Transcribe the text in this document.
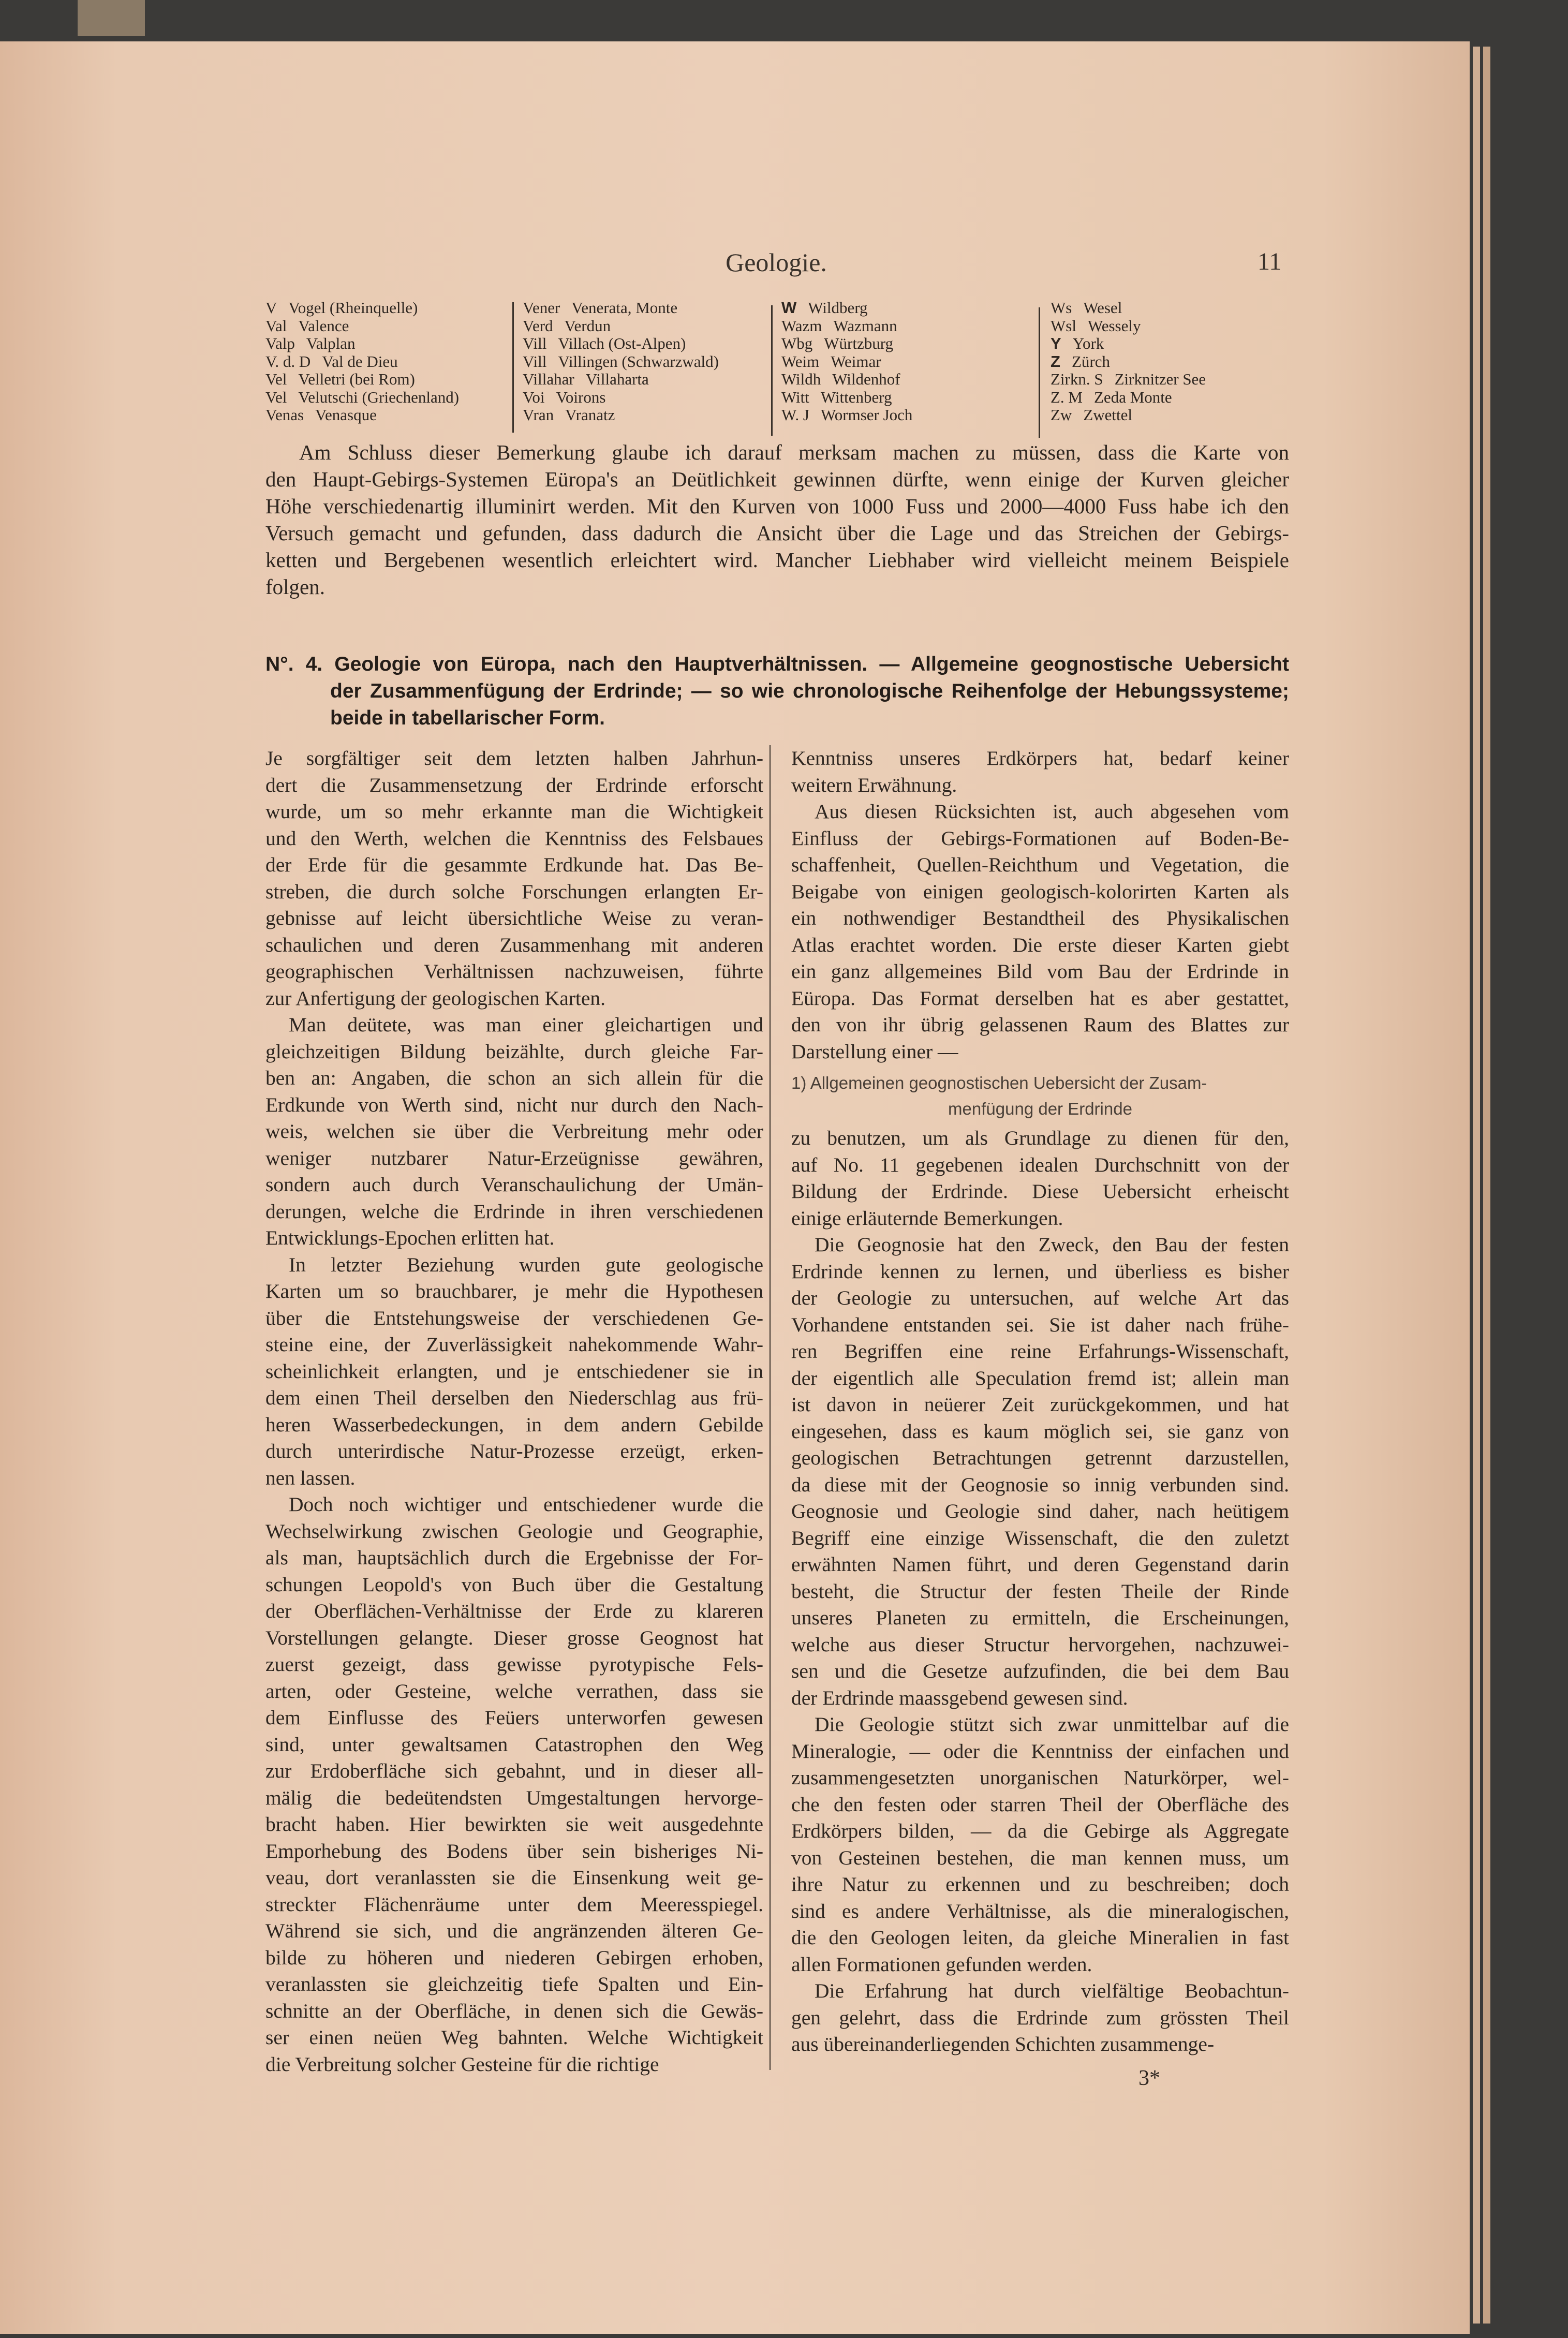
Geologie.	11
V Vogel (Rheinquelle)
Val Valence
Valp Valplan
V. d. D Val de Dieu
Vel Velletri (bei Rom)
Vel Velutschi (Griechenland)
Venas Venasque
Vener Venerata, Monte
Verd Verdun
Vill Villach (Ost-Alpen)
Vill Villingen (Schwarzwald)
Villahar Villaharta
Voi Voirons
Vran Vranatz
W Wildberg
Wazm Wazmann
Wbg Würtzburg
Weim Weimar
Wildh Wildenhof
Witt Wittenberg
W. J Wormser Joch
Ws Wesel
Wsl Wessely
Y York
Z Zürch
Zirkn. S Zirknitzer See
Z. M Zeda Monte
Zw Zwettel
Am Schluss dieser Bemerkung glaube ich darauf merksam machen zu müssen, dass die Karte von
den Haupt-Gebirgs-Systemen Eüropa's an Deütlichkeit gewinnen dürfte, wenn einige der Kurven gleicher
Höhe verschiedenartig illuminirt werden. Mit den Kurven von 1000 Fuss und 2000—4000 Fuss habe ich den
Versuch gemacht und gefunden, dass dadurch die Ansicht über die Lage und das Streichen der Gebirgs-
ketten und Bergebenen wesentlich erleichtert wird. Mancher Liebhaber wird vielleicht meinem Beispiele
folgen.
N°. 4. Geologie von Eüropa, nach den Hauptverhältnissen. — Allgemeine geognostische Uebersicht
der Zusammenfügung der Erdrinde; — so wie chronologische Reihenfolge der Hebungssysteme;
beide in tabellarischer Form.
Je sorgfältiger seit dem letzten halben Jahrhun-
dert die Zusammensetzung der Erdrinde erforscht
wurde, um so mehr erkannte man die Wichtigkeit
und den Werth, welchen die Kenntniss des Felsbaues
der Erde für die gesammte Erdkunde hat. Das Be-
streben, die durch solche Forschungen erlangten Er-
gebnisse auf leicht übersichtliche Weise zu veran-
schaulichen und deren Zusammenhang mit anderen
geographischen Verhältnissen nachzuweisen, führte
zur Anfertigung der geologischen Karten.
Man deütete, was man einer gleichartigen und
gleichzeitigen Bildung beizählte, durch gleiche Far-
ben an: Angaben, die schon an sich allein für die
Erdkunde von Werth sind, nicht nur durch den Nach-
weis, welchen sie über die Verbreitung mehr oder
weniger nutzbarer Natur-Erzeügnisse gewähren,
sondern auch durch Veranschaulichung der Umän-
derungen, welche die Erdrinde in ihren verschiedenen
Entwicklungs-Epochen erlitten hat.
In letzter Beziehung wurden gute geologische
Karten um so brauchbarer, je mehr die Hypothesen
über die Entstehungsweise der verschiedenen Ge-
steine eine, der Zuverlässigkeit nahekommende Wahr-
scheinlichkeit erlangten, und je entschiedener sie in
dem einen Theil derselben den Niederschlag aus frü-
heren Wasserbedeckungen, in dem andern Gebilde
durch unterirdische Natur-Prozesse erzeügt, erken-
nen lassen.
Doch noch wichtiger und entschiedener wurde die
Wechselwirkung zwischen Geologie und Geographie,
als man, hauptsächlich durch die Ergebnisse der For-
schungen Leopold's von Buch über die Gestaltung
der Oberflächen-Verhältnisse der Erde zu klareren
Vorstellungen gelangte. Dieser grosse Geognost hat
zuerst gezeigt, dass gewisse pyrotypische Fels-
arten, oder Gesteine, welche verrathen, dass sie
dem Einflusse des Feüers unterworfen gewesen
sind, unter gewaltsamen Catastrophen den Weg
zur Erdoberfläche sich gebahnt, und in dieser all-
mälig die bedeütendsten Umgestaltungen hervorge-
bracht haben. Hier bewirkten sie weit ausgedehnte
Emporhebung des Bodens über sein bisheriges Ni-
veau, dort veranlassten sie die Einsenkung weit ge-
streckter Flächenräume unter dem Meeresspiegel.
Während sie sich, und die angränzenden älteren Ge-
bilde zu höheren und niederen Gebirgen erhoben,
veranlassten sie gleichzeitig tiefe Spalten und Ein-
schnitte an der Oberfläche, in denen sich die Gewäs-
ser einen neüen Weg bahnten. Welche Wichtigkeit
die Verbreitung solcher Gesteine für die richtige
Kenntniss unseres Erdkörpers hat, bedarf keiner
weitern Erwähnung.
Aus diesen Rücksichten ist, auch abgesehen vom
Einfluss der Gebirgs-Formationen auf Boden-Be-
schaffenheit, Quellen-Reichthum und Vegetation, die
Beigabe von einigen geologisch-kolorirten Karten als
ein nothwendiger Bestandtheil des Physikalischen
Atlas erachtet worden. Die erste dieser Karten giebt
ein ganz allgemeines Bild vom Bau der Erdrinde in
Eüropa. Das Format derselben hat es aber gestattet,
den von ihr übrig gelassenen Raum des Blattes zur
Darstellung einer —
1) Allgemeinen geognostischen Uebersicht der Zusam-
menfügung der Erdrinde
zu benutzen, um als Grundlage zu dienen für den,
auf No. 11 gegebenen idealen Durchschnitt von der
Bildung der Erdrinde. Diese Uebersicht erheischt
einige erläuternde Bemerkungen.
Die Geognosie hat den Zweck, den Bau der festen
Erdrinde kennen zu lernen, und überliess es bisher
der Geologie zu untersuchen, auf welche Art das
Vorhandene entstanden sei. Sie ist daher nach frühe-
ren Begriffen eine reine Erfahrungs-Wissenschaft,
der eigentlich alle Speculation fremd ist; allein man
ist davon in neüerer Zeit zurückgekommen, und hat
eingesehen, dass es kaum möglich sei, sie ganz von
geologischen Betrachtungen getrennt darzustellen,
da diese mit der Geognosie so innig verbunden sind.
Geognosie und Geologie sind daher, nach heütigem
Begriff eine einzige Wissenschaft, die den zuletzt
erwähnten Namen führt, und deren Gegenstand darin
besteht, die Structur der festen Theile der Rinde
unseres Planeten zu ermitteln, die Erscheinungen,
welche aus dieser Structur hervorgehen, nachzuwei-
sen und die Gesetze aufzufinden, die bei dem Bau
der Erdrinde maassgebend gewesen sind.
Die Geologie stützt sich zwar unmittelbar auf die
Mineralogie, — oder die Kenntniss der einfachen und
zusammengesetzten unorganischen Naturkörper, wel-
che den festen oder starren Theil der Oberfläche des
Erdkörpers bilden, — da die Gebirge als Aggregate
von Gesteinen bestehen, die man kennen muss, um
ihre Natur zu erkennen und zu beschreiben; doch
sind es andere Verhältnisse, als die mineralogischen,
die den Geologen leiten, da gleiche Mineralien in fast
allen Formationen gefunden werden.
Die Erfahrung hat durch vielfältige Beobachtun-
gen gelehrt, dass die Erdrinde zum grössten Theil
aus übereinanderliegenden Schichten zusammenge-
3*
